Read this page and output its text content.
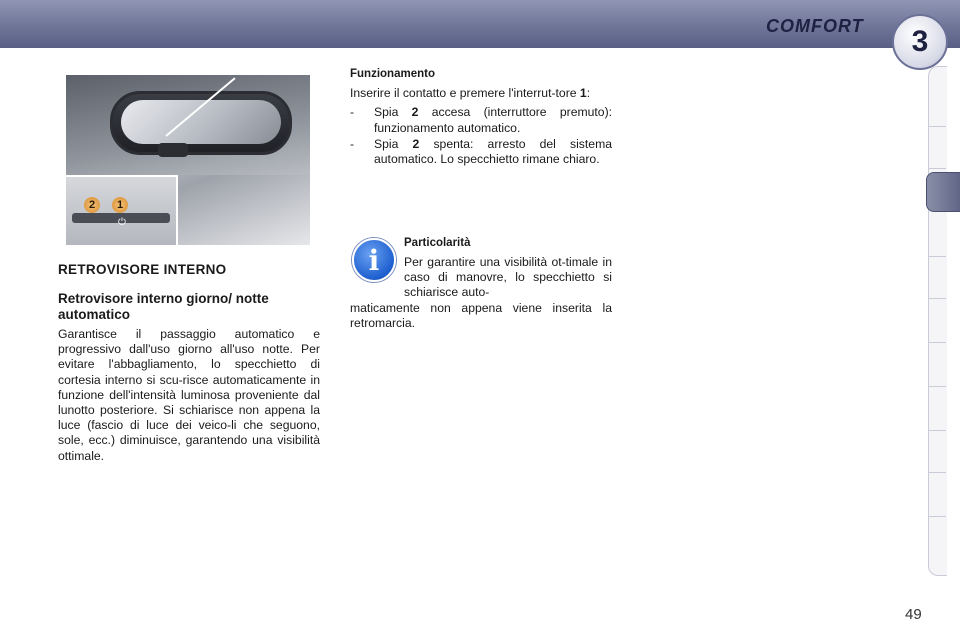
COMFORT 3
2	1
⏻
RETROVISORE INTERNO
Retrovisore interno giorno/ notte automatico

Garantisce il passaggio automatico e progressivo dall'uso giorno all'uso notte. Per evitare l'abbagliamento, lo specchietto di cortesia interno si scu-risce automaticamente in funzione dell'intensità luminosa proveniente dal lunotto posteriore. Si schiarisce non appena la luce (fascio di luce dei veico-li che seguono, sole, ecc.) diminuisce, garantendo una visibilità ottimale.

Funzionamento

Inserire il contatto e premere l'interrut-tore 1:

-	Spia 2 accesa (interruttore premuto): funzionamento automatico.
-	Spia 2 spenta: arresto del sistema automatico. Lo specchietto rimane chiaro.
i

Particolarità

Per garantire una visibilità ot-timale in caso di manovre, lo specchietto si schiarisce auto-
maticamente non appena viene inserita la retromarcia.

49
